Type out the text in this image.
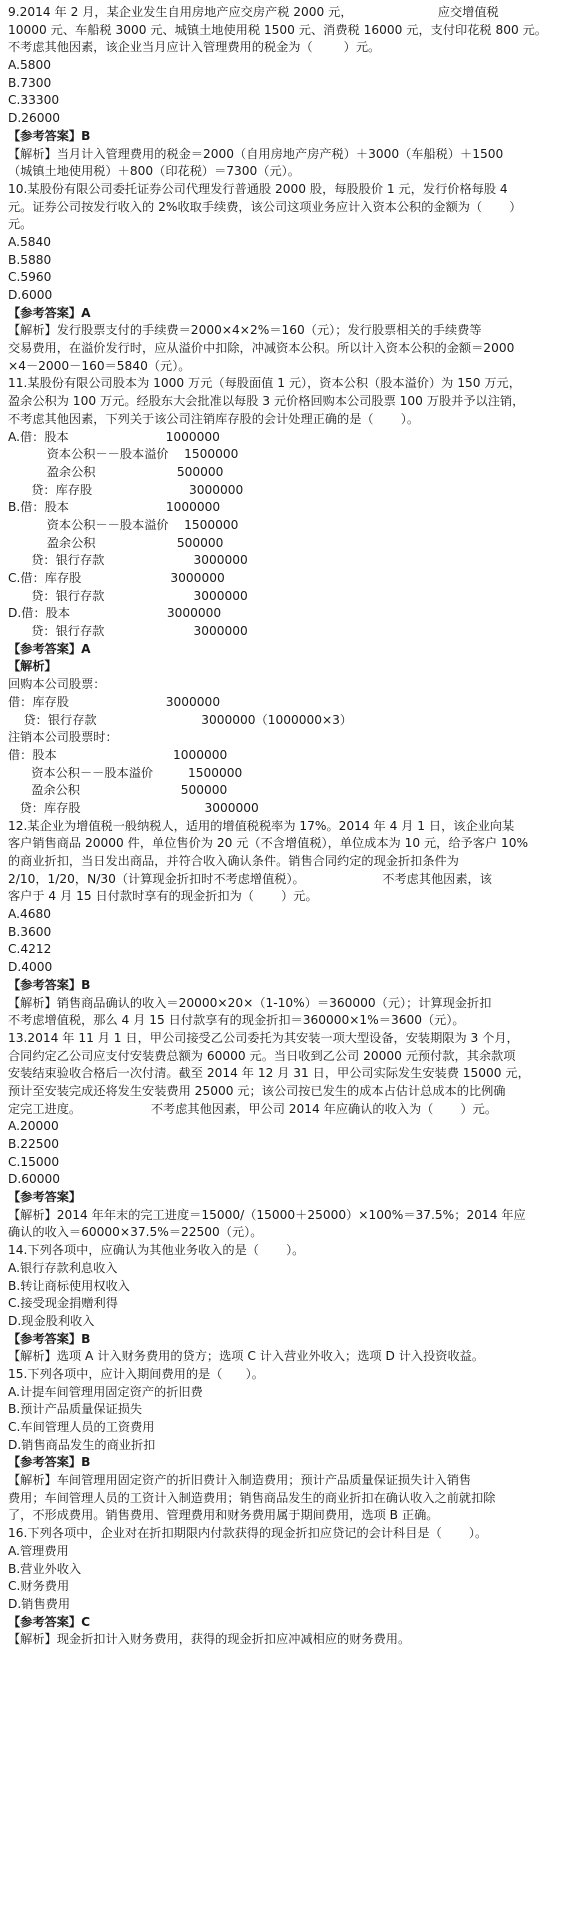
9.2014 年 2 月，某企业发生自用房地产应交房产税 2000 元，                      应交增值税
10000 元、车船税 3000 元、城镇土地使用税 1500 元、消费税 16000 元，支付印花税 800 元。
不考虑其他因素，该企业当月应计入管理费用的税金为（        ）元。
A.5800
B.7300
C.33300
D.26000
【参考答案】B
【解析】当月计入管理费用的税金＝2000（自用房地产房产税）＋3000（车船税）＋1500
（城镇土地使用税）＋800（印花税）＝7300（元）。
10.某股份有限公司委托证券公司代理发行普通股 2000 股，每股股价 1 元，发行价格每股 4
元。证券公司按发行收入的 2%收取手续费，该公司这项业务应计入资本公积的金额为（       ）
元。
A.5840
B.5880
C.5960
D.6000
【参考答案】A
【解析】发行股票支付的手续费＝2000×4×2%＝160（元）；发行股票相关的手续费等
交易费用，在溢价发行时，应从溢价中扣除，冲减资本公积。所以计入资本公积的金额＝2000
×4－2000－160＝5840（元）。
11.某股份有限公司股本为 1000 万元（每股面值 1 元），资本公积（股本溢价）为 150 万元，
盈余公积为 100 万元。经股东大会批准以每股 3 元价格回购本公司股票 100 万股并予以注销，
不考虑其他因素，下列关于该公司注销库存股的会计处理正确的是（       ）。
A.借：股本                         1000000
资本公积－－股本溢价    1500000
盈余公积                     500000
贷：库存股                         3000000
B.借：股本                         1000000
资本公积－－股本溢价    1500000
盈余公积                     500000
贷：银行存款                       3000000
C.借：库存股                       3000000
贷：银行存款                       3000000
D.借：股本                         3000000
贷：银行存款                       3000000
【参考答案】A
【解析】
回购本公司股票：
借：库存股                         3000000
贷：银行存款                           3000000（1000000×3）
注销本公司股票时：
借：股本                              1000000
资本公积－－股本溢价         1500000
盈余公积                          500000
贷：库存股                                3000000
12.某企业为增值税一般纳税人，适用的增值税税率为 17%。2014 年 4 月 1 日，该企业向某
客户销售商品 20000 件，单位售价为 20 元（不含增值税），单位成本为 10 元，给予客户 10%
的商业折扣，当日发出商品，并符合收入确认条件。销售合同约定的现金折扣条件为
2/10，1/20，N/30（计算现金折扣时不考虑增值税）。                    不考虑其他因素，该
客户于 4 月 15 日付款时享有的现金折扣为（       ）元。
A.4680
B.3600
C.4212
D.4000
【参考答案】B
【解析】销售商品确认的收入＝20000×20×（1-10%）＝360000（元）；计算现金折扣
不考虑增值税，那么 4 月 15 日付款享有的现金折扣＝360000×1%＝3600（元）。
13.2014 年 11 月 1 日，甲公司接受乙公司委托为其安装一项大型设备，安装期限为 3 个月，
合同约定乙公司应支付安装费总额为 60000 元。当日收到乙公司 20000 元预付款，其余款项
安装结束验收合格后一次付清。截至 2014 年 12 月 31 日，甲公司实际发生安装费 15000 元，
预计至安装完成还将发生安装费用 25000 元；该公司按已发生的成本占估计总成本的比例确
定完工进度。                  不考虑其他因素，甲公司 2014 年应确认的收入为（       ）元。
A.20000
B.22500
C.15000
D.60000
【参考答案】
【解析】2014 年年末的完工进度＝15000/（15000＋25000）×100%＝37.5%；2014 年应
确认的收入＝60000×37.5%＝22500（元）。
14.下列各项中，应确认为其他业务收入的是（       ）。
A.银行存款利息收入
B.转让商标使用权收入
C.接受现金捐赠利得
D.现金股利收入
【参考答案】B
【解析】选项 A 计入财务费用的贷方；选项 C 计入营业外收入；选项 D 计入投资收益。
15.下列各项中，应计入期间费用的是（      ）。
A.计提车间管理用固定资产的折旧费
B.预计产品质量保证损失
C.车间管理人员的工资费用
D.销售商品发生的商业折扣
【参考答案】B
【解析】车间管理用固定资产的折旧费计入制造费用；预计产品质量保证损失计入销售
费用；车间管理人员的工资计入制造费用；销售商品发生的商业折扣在确认收入之前就扣除
了，不形成费用。销售费用、管理费用和财务费用属于期间费用，选项 B 正确。
16.下列各项中，企业对在折扣期限内付款获得的现金折扣应贷记的会计科目是（       ）。
A.管理费用
B.营业外收入
C.财务费用
D.销售费用
【参考答案】C
【解析】现金折扣计入财务费用，获得的现金折扣应冲减相应的财务费用。
